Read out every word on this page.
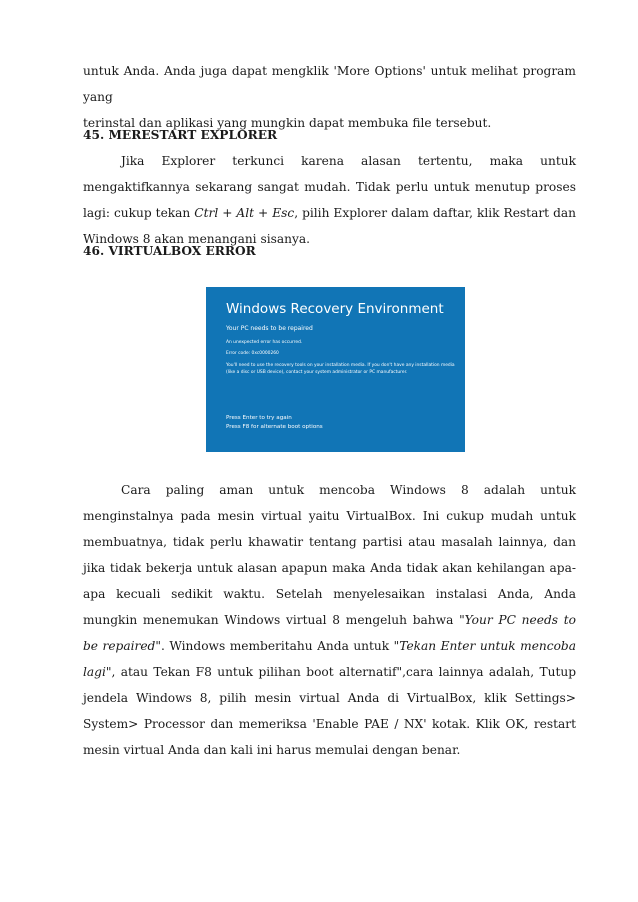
untuk Anda. Anda juga dapat mengklik 'More Options' untuk melihat program yang
terinstal dan aplikasi yang mungkin dapat membuka file tersebut.

45. MERESTART EXPLORER

Jika Explorer terkunci karena alasan tertentu, maka untuk mengaktifkannya sekarang sangat mudah. Tidak perlu untuk menutup proses lagi: cukup tekan Ctrl + Alt + Esc, pilih Explorer dalam daftar, klik Restart dan Windows 8 akan menangani sisanya.

46. VIRTUALBOX ERROR
Windows Recovery Environment
Your PC needs to be repaired
An unexpected error has occurred.
Error code: 0xc0000260
You'll need to use the recovery tools on your installation media. If you don't have any installation media (like a disc or USB device), contact your system administrator or PC manufacturer.
Press Enter to try again
Press F8 for alternate boot options

Cara paling aman untuk mencoba Windows 8 adalah untuk menginstalnya pada mesin virtual yaitu VirtualBox. Ini cukup mudah untuk membuatnya, tidak perlu khawatir tentang partisi atau masalah lainnya, dan jika tidak bekerja untuk alasan apapun maka Anda tidak akan kehilangan apa-apa kecuali sedikit waktu. Setelah menyelesaikan instalasi Anda, Anda mungkin menemukan Windows virtual 8 mengeluh bahwa "Your PC needs to be repaired". Windows memberitahu Anda untuk "Tekan Enter untuk mencoba lagi", atau Tekan F8 untuk pilihan boot alternatif",cara lainnya adalah, Tutup jendela Windows 8, pilih mesin virtual Anda di VirtualBox, klik Settings> System> Processor dan memeriksa 'Enable PAE / NX' kotak. Klik OK, restart mesin virtual Anda dan kali ini harus memulai dengan benar.
